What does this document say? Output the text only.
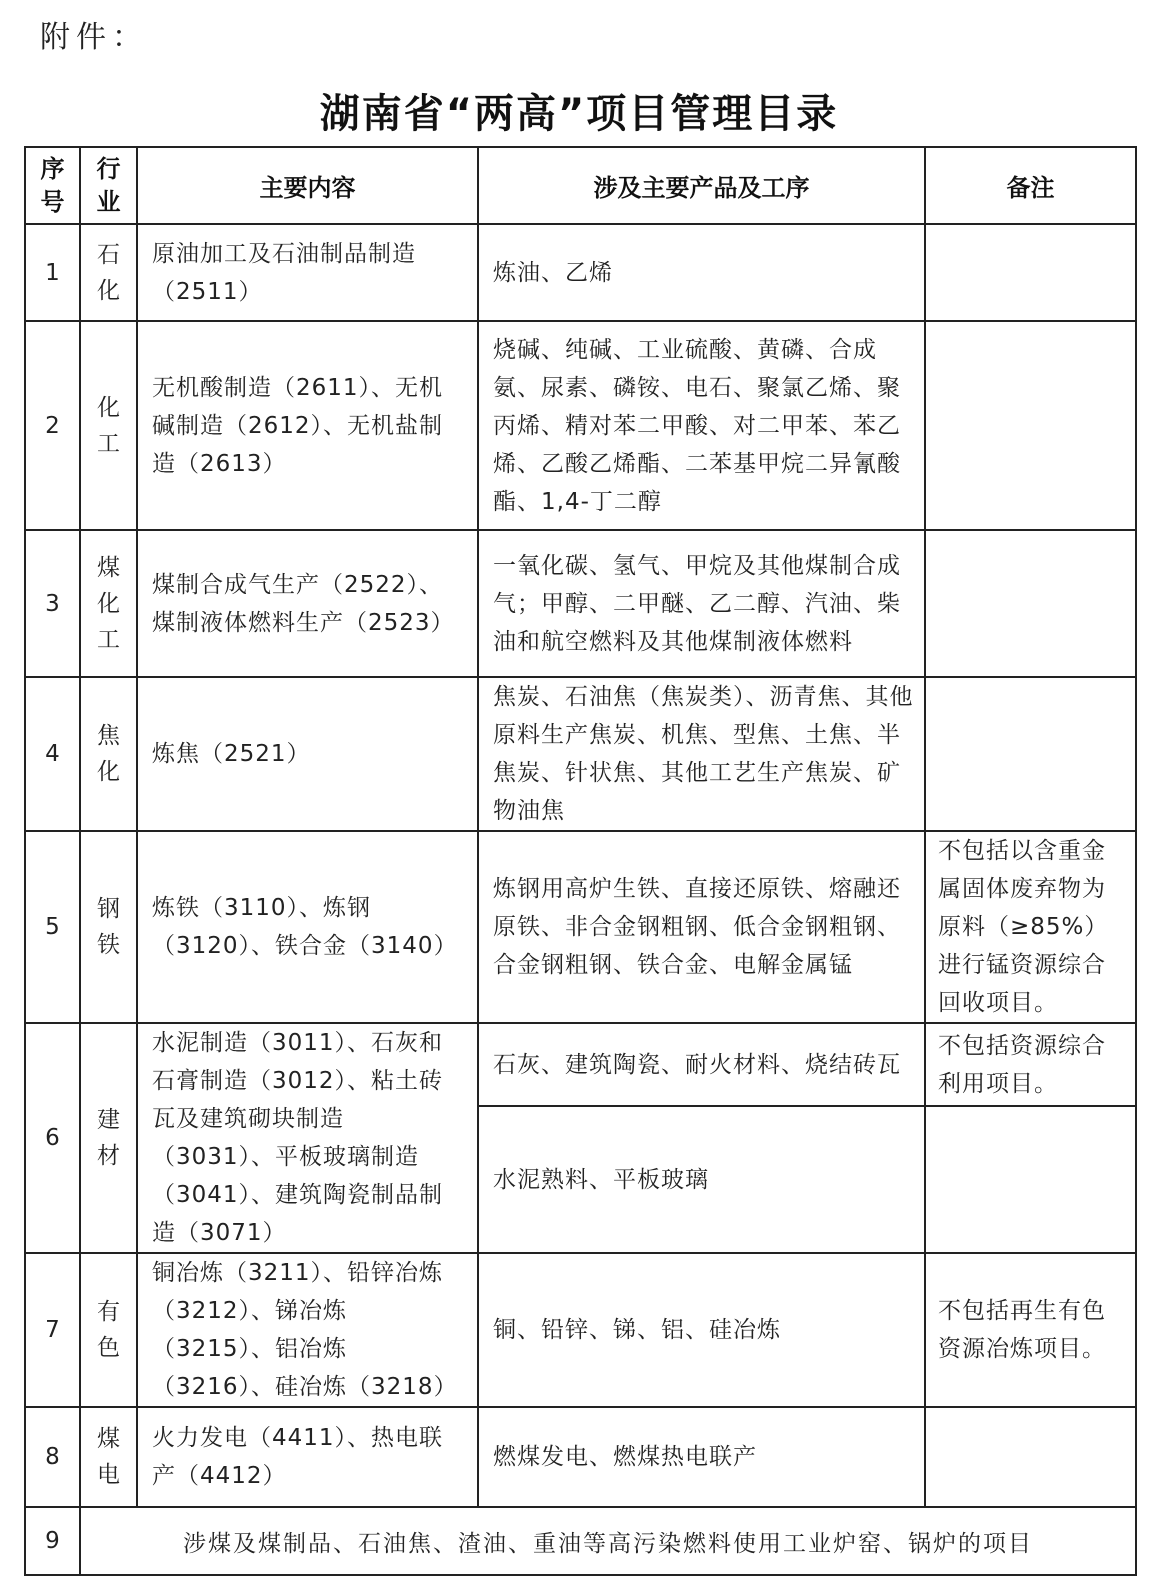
附件：
湖南省“两高”项目管理目录
序号	行业	主要内容	涉及主要产品及工序	备注
1	石化	原油加工及石油制品制造（2511）	炼油、乙烯	
2	化工	无机酸制造（2611）、无机碱制造（2612）、无机盐制造（2613）	烧碱、纯碱、工业硫酸、黄磷、合成氨、尿素、磷铵、电石、聚氯乙烯、聚丙烯、精对苯二甲酸、对二甲苯、苯乙烯、乙酸乙烯酯、二苯基甲烷二异氰酸酯、1,4-丁二醇	
3	煤化工	煤制合成气生产（2522）、煤制液体燃料生产（2523）	一氧化碳、氢气、甲烷及其他煤制合成气；甲醇、二甲醚、乙二醇、汽油、柴油和航空燃料及其他煤制液体燃料	
4	焦化	炼焦（2521）	焦炭、石油焦（焦炭类）、沥青焦、其他原料生产焦炭、机焦、型焦、土焦、半焦炭、针状焦、其他工艺生产焦炭、矿物油焦	
5	钢铁	炼铁（3110）、炼钢（3120）、铁合金（3140）	炼钢用高炉生铁、直接还原铁、熔融还原铁、非合金钢粗钢、低合金钢粗钢、合金钢粗钢、铁合金、电解金属锰	不包括以含重金属固体废弃物为原料（≥85%）进行锰资源综合回收项目。
6	建材	水泥制造（3011）、石灰和石膏制造（3012）、粘土砖瓦及建筑砌块制造（3031）、平板玻璃制造（3041）、建筑陶瓷制品制造（3071）	石灰、建筑陶瓷、耐火材料、烧结砖瓦	不包括资源综合利用项目。
			水泥熟料、平板玻璃	
7	有色	铜冶炼（3211）、铅锌冶炼（3212）、锑冶炼（3215）、铝冶炼（3216）、硅冶炼（3218）	铜、铅锌、锑、铝、硅冶炼	不包括再生有色资源冶炼项目。
8	煤电	火力发电（4411）、热电联产（4412）	燃煤发电、燃煤热电联产	
9	涉煤及煤制品、石油焦、渣油、重油等高污染燃料使用工业炉窑、锅炉的项目			
